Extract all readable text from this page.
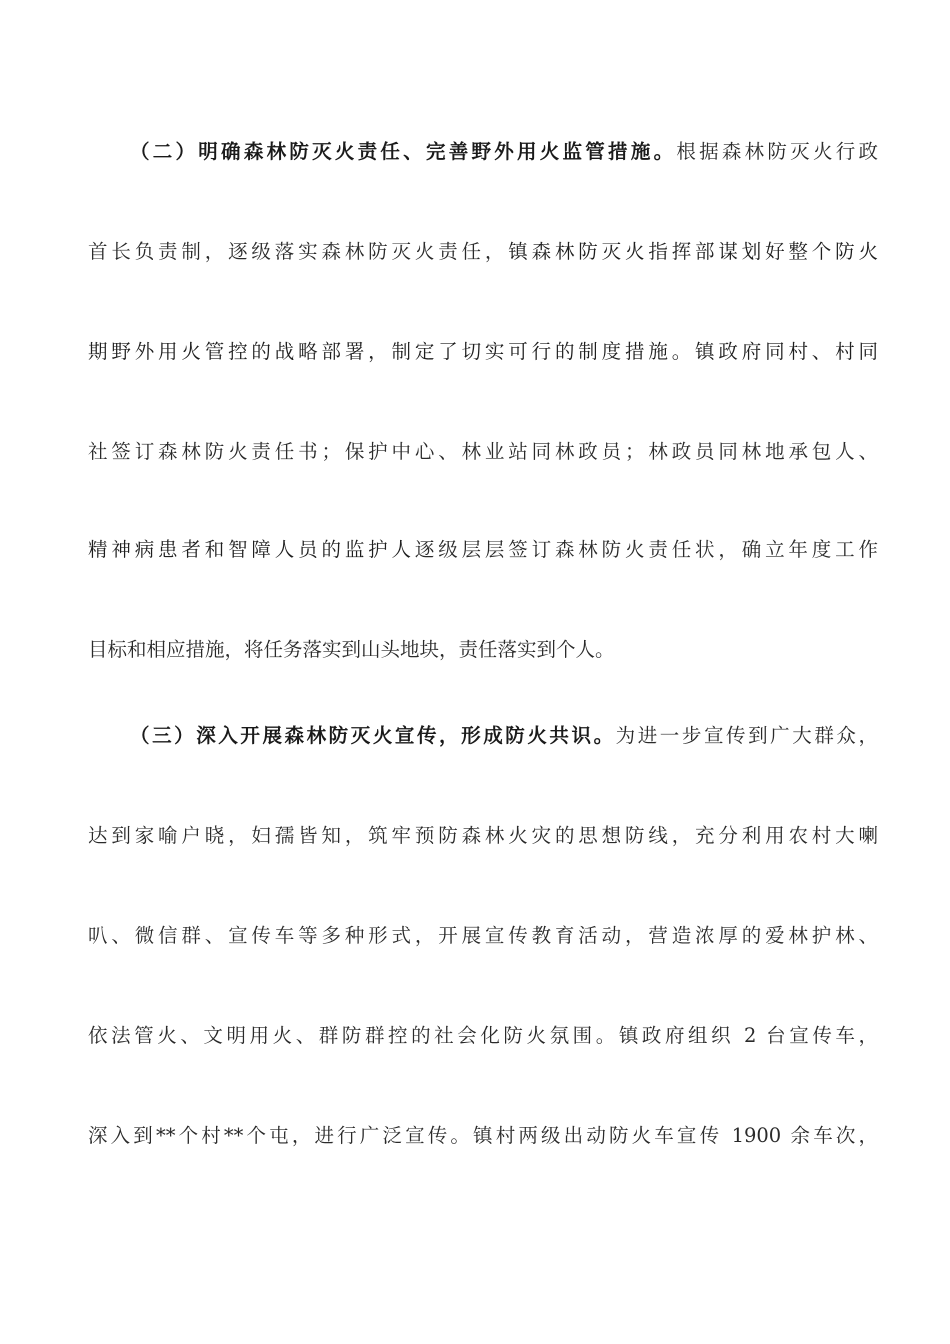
（二）明确森林防灭火责任、完善野外用火监管措施。根据森林防灭火行政
首长负责制，逐级落实森林防灭火责任，镇森林防灭火指挥部谋划好整个防火
期野外用火管控的战略部署，制定了切实可行的制度措施。镇政府同村、村同
社签订森林防火责任书；保护中心、林业站同林政员；林政员同林地承包人、
精神病患者和智障人员的监护人逐级层层签订森林防火责任状，确立年度工作
目标和相应措施，将任务落实到山头地块，责任落实到个人。
（三）深入开展森林防灭火宣传，形成防火共识。为进一步宣传到广大群众，
达到家喻户晓，妇孺皆知，筑牢预防森林火灾的思想防线，充分利用农村大喇
叭、微信群、宣传车等多种形式，开展宣传教育活动，营造浓厚的爱林护林、
依法管火、文明用火、群防群控的社会化防火氛围。镇政府组织 2 台宣传车，
深入到**个村**个屯，进行广泛宣传。镇村两级出动防火车宣传 1900 余车次，
